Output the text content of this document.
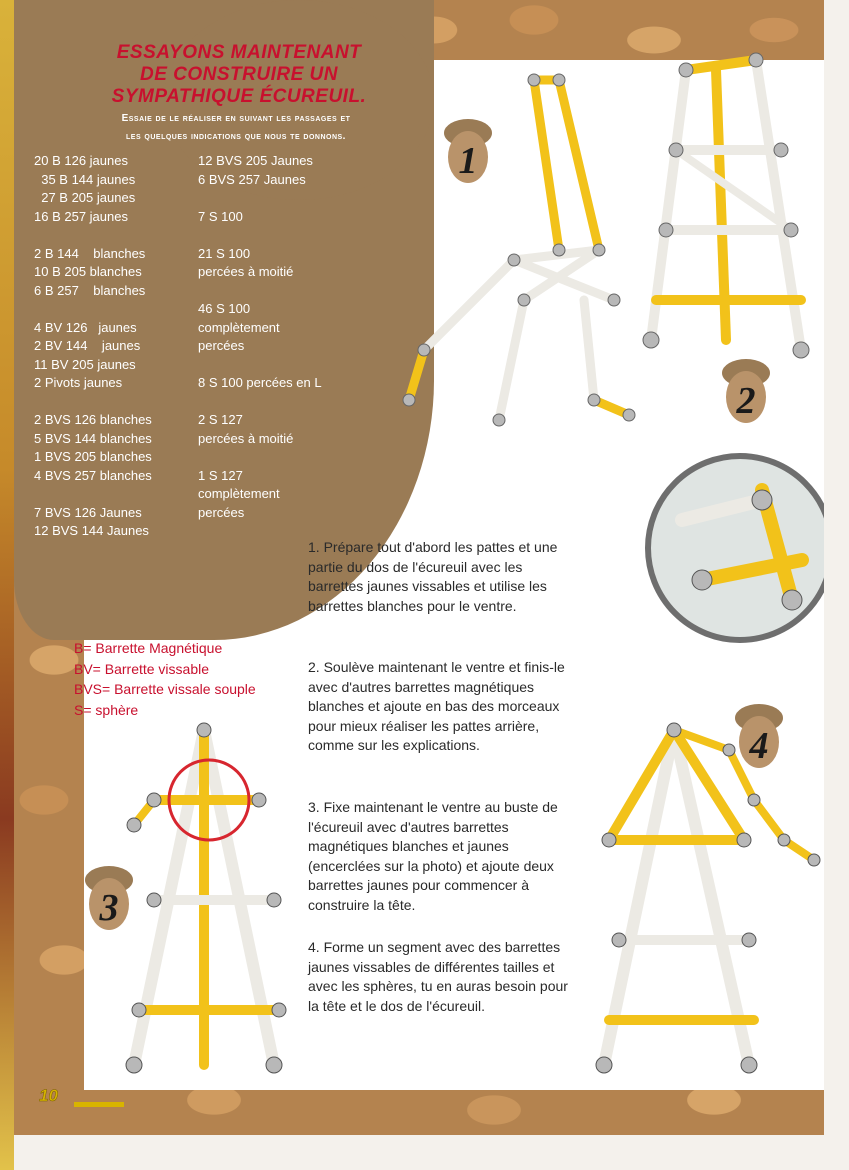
ESSAYONS MAINTENANT
DE CONSTRUIRE UN
SYMPATHIQUE ÉCUREUIL.
Essaie de le réaliser en suivant les passages et
les quelques indications que nous te donnons.
20 B 126 jaunes
35 B 144 jaunes
27 B 205 jaunes
16 B 257 jaunes

2 B 144    blanches
10 B 205 blanches
6 B 257    blanches

4 BV 126   jaunes
2 BV 144    jaunes
11 BV 205 jaunes
2 Pivots jaunes

2 BVS 126 blanches
5 BVS 144 blanches
1 BVS 205 blanches
4 BVS 257 blanches

7 BVS 126 Jaunes
12 BVS 144 Jaunes
12 BVS 205 Jaunes
6 BVS 257 Jaunes

7 S 100

21 S 100
percées à moitié

46 S 100
complètement
percées

8 S 100 percées en L

2 S 127
percées à moitié

1 S 127
complètement
percées
B= Barrette Magnétique
BV= Barrette vissable
BVS= Barrette vissale souple
S= sphère
1. Prépare tout d'abord les pattes et une partie du dos de l'écureuil avec les barrettes jaunes vissables et utilise les barrettes blanches pour le ventre.
2. Soulève maintenant le ventre et finis-le avec d'autres barrettes magnétiques blanches et ajoute en bas des morceaux pour mieux réaliser les pattes arrière, comme sur les explications.
3. Fixe maintenant le ventre au buste de l'écureuil avec d'autres barrettes magnétiques blanches et jaunes (encerclées sur la photo) et ajoute deux barrettes jaunes pour commencer à construire la tête.
4. Forme un segment avec des barrettes jaunes vissables de différentes tailles et avec les sphères, tu en auras besoin pour la tête et le dos de l'écureuil.
1
2
3
4
10
